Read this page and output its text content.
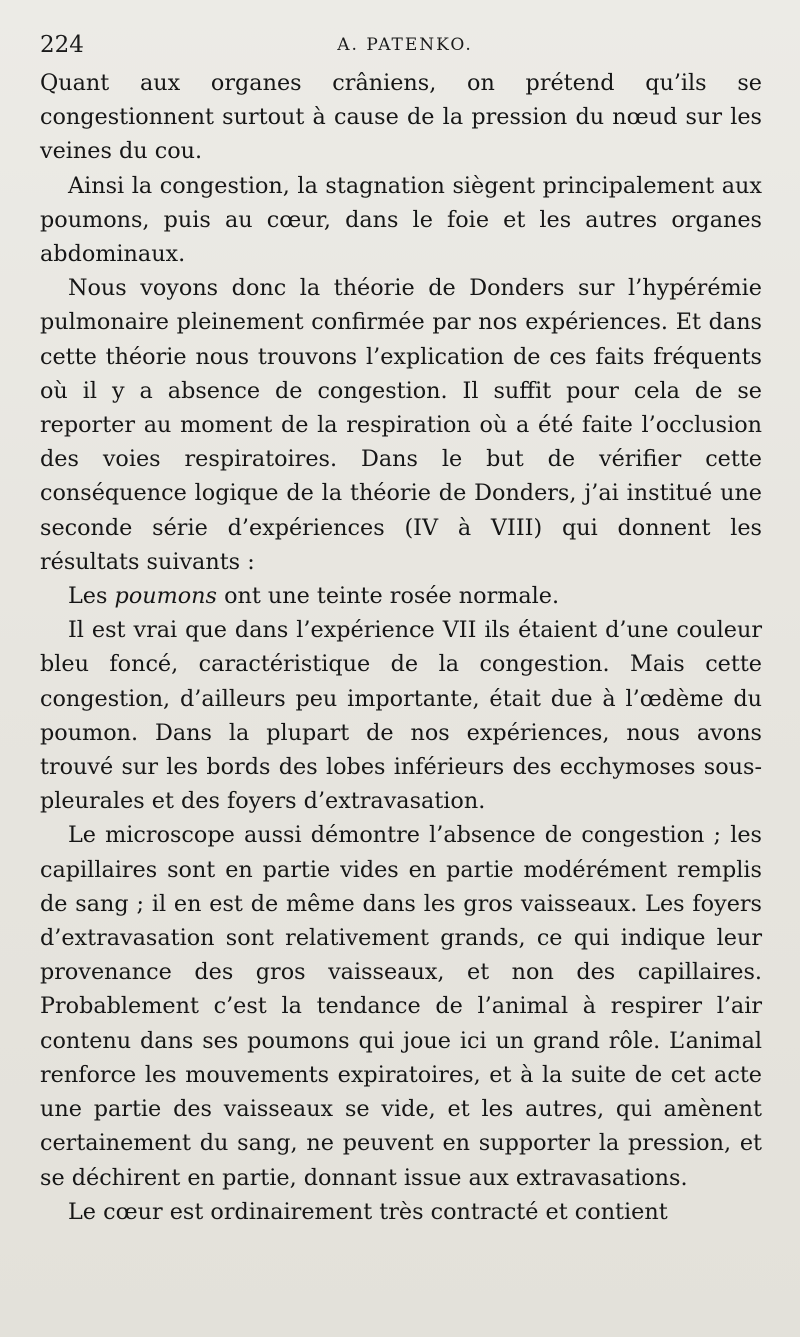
224	A. PATENKO.

Quant aux organes crâniens, on prétend qu’ils se congestionnent surtout à cause de la pression du nœud sur les veines du cou.

Ainsi la congestion, la stagnation siègent principalement aux poumons, puis au cœur, dans le foie et les autres organes abdominaux.

Nous voyons donc la théorie de Donders sur l’hypérémie pulmonaire pleinement confirmée par nos expériences. Et dans cette théorie nous trouvons l’explication de ces faits fréquents où il y a absence de congestion. Il suffit pour cela de se reporter au moment de la respiration où a été faite l’occlusion des voies respiratoires. Dans le but de vérifier cette conséquence logique de la théorie de Donders, j’ai institué une seconde série d’expériences (IV à VIII) qui donnent les résultats suivants :

Les poumons ont une teinte rosée normale.

Il est vrai que dans l’expérience VII ils étaient d’une couleur bleu foncé, caractéristique de la congestion. Mais cette congestion, d’ailleurs peu importante, était due à l’œdème du poumon. Dans la plupart de nos expériences, nous avons trouvé sur les bords des lobes inférieurs des ecchymoses sous-pleurales et des foyers d’extravasation.

Le microscope aussi démontre l’absence de congestion ; les capillaires sont en partie vides en partie modérément remplis de sang ; il en est de même dans les gros vaisseaux. Les foyers d’extravasation sont relativement grands, ce qui indique leur provenance des gros vaisseaux, et non des capillaires. Probablement c’est la tendance de l’animal à respirer l’air contenu dans ses poumons qui joue ici un grand rôle. L’animal renforce les mouvements expiratoires, et à la suite de cet acte une partie des vaisseaux se vide, et les autres, qui amènent certainement du sang, ne peuvent en supporter la pression, et se déchirent en partie, donnant issue aux extravasations.

Le cœur est ordinairement très contracté et contient
